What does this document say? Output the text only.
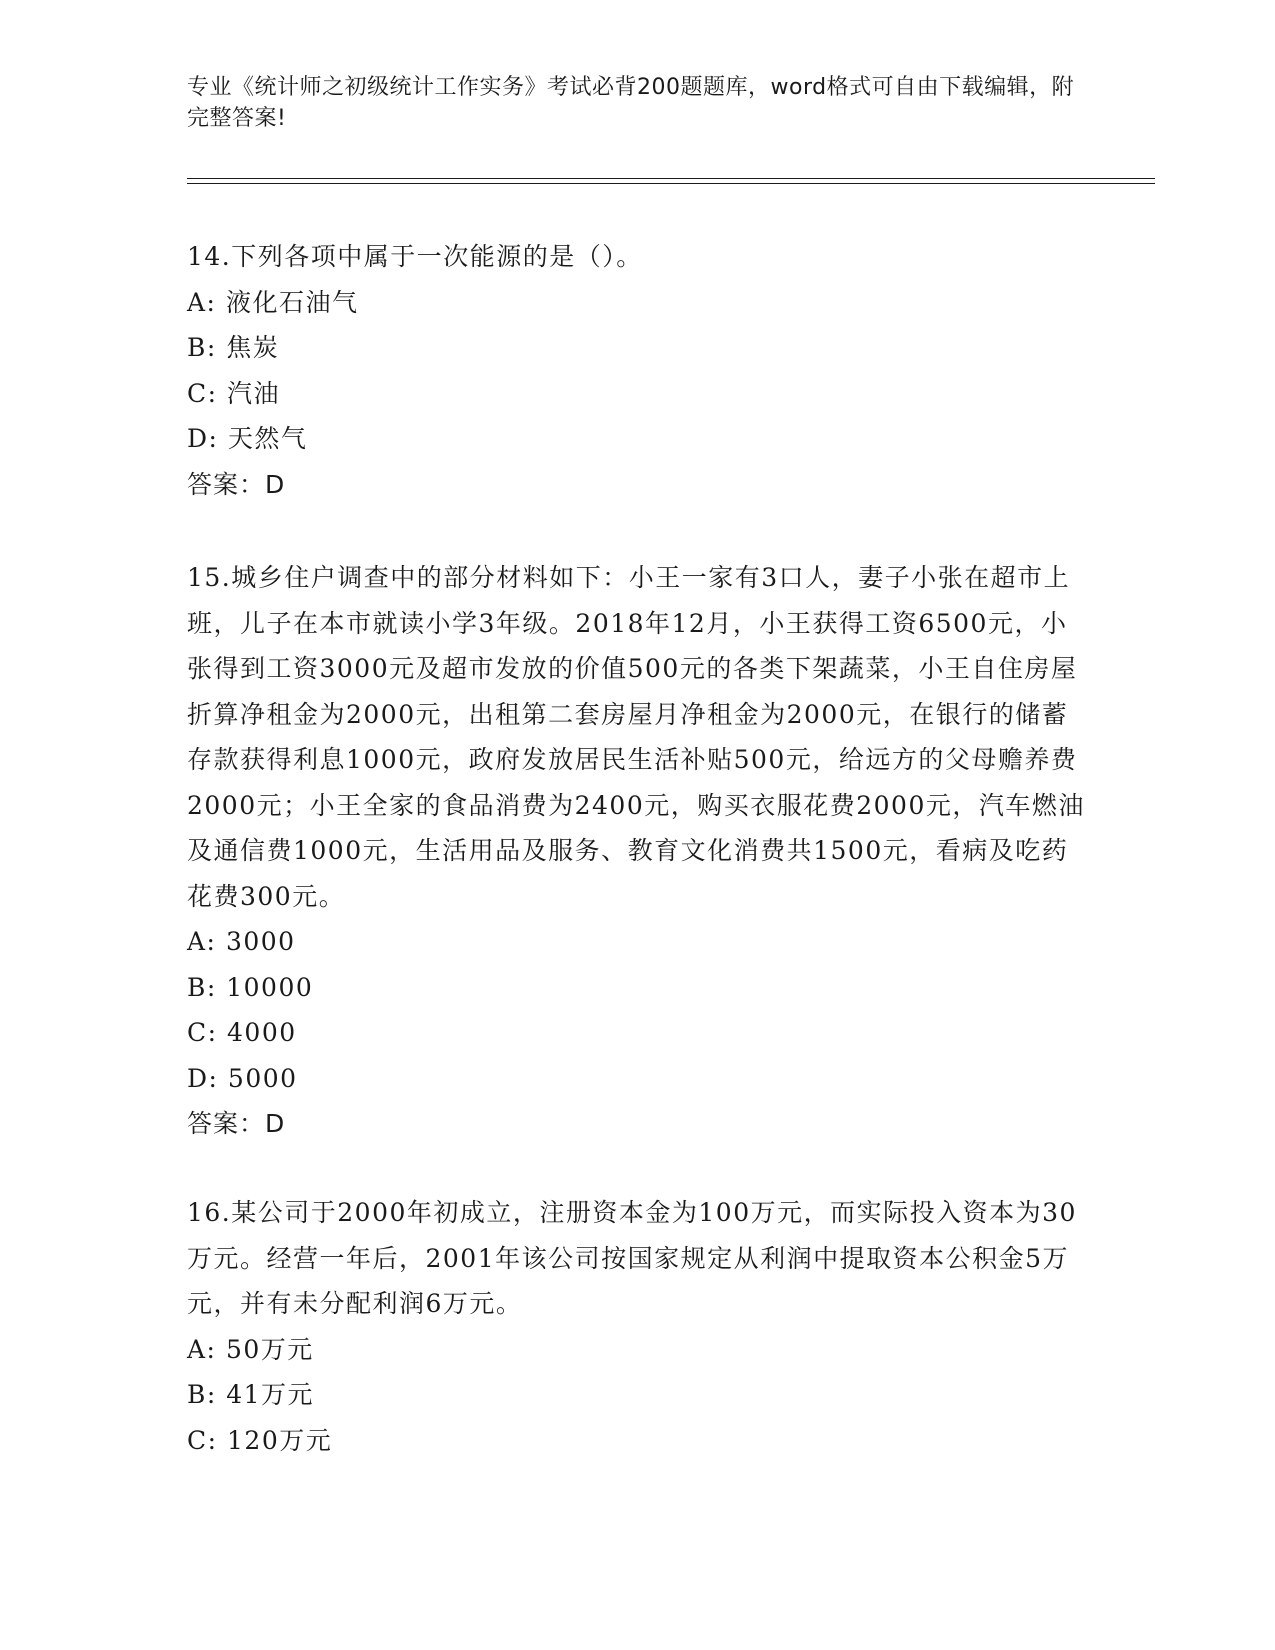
专业《统计师之初级统计工作实务》考试必背200题题库，word格式可自由下载编辑，附完整答案!

14.下列各项中属于一次能源的是（）。

A: 液化石油气

B: 焦炭

C: 汽油

D: 天然气

答案：D

15.城乡住户调查中的部分材料如下：小王一家有3口人，妻子小张在超市上班，儿子在本市就读小学3年级。2018年12月，小王获得工资6500元，小张得到工资3000元及超市发放的价值500元的各类下架蔬菜，小王自住房屋折算净租金为2000元，出租第二套房屋月净租金为2000元，在银行的储蓄存款获得利息1000元，政府发放居民生活补贴500元，给远方的父母赡养费2000元；小王全家的食品消费为2400元，购买衣服花费2000元，汽车燃油及通信费1000元，生活用品及服务、教育文化消费共1500元，看病及吃药花费300元。

A: 3000

B: 10000

C: 4000

D: 5000

答案：D

16.某公司于2000年初成立，注册资本金为100万元，而实际投入资本为30万元。经营一年后，2001年该公司按国家规定从利润中提取资本公积金5万元，并有未分配利润6万元。

A: 50万元

B: 41万元

C: 120万元
